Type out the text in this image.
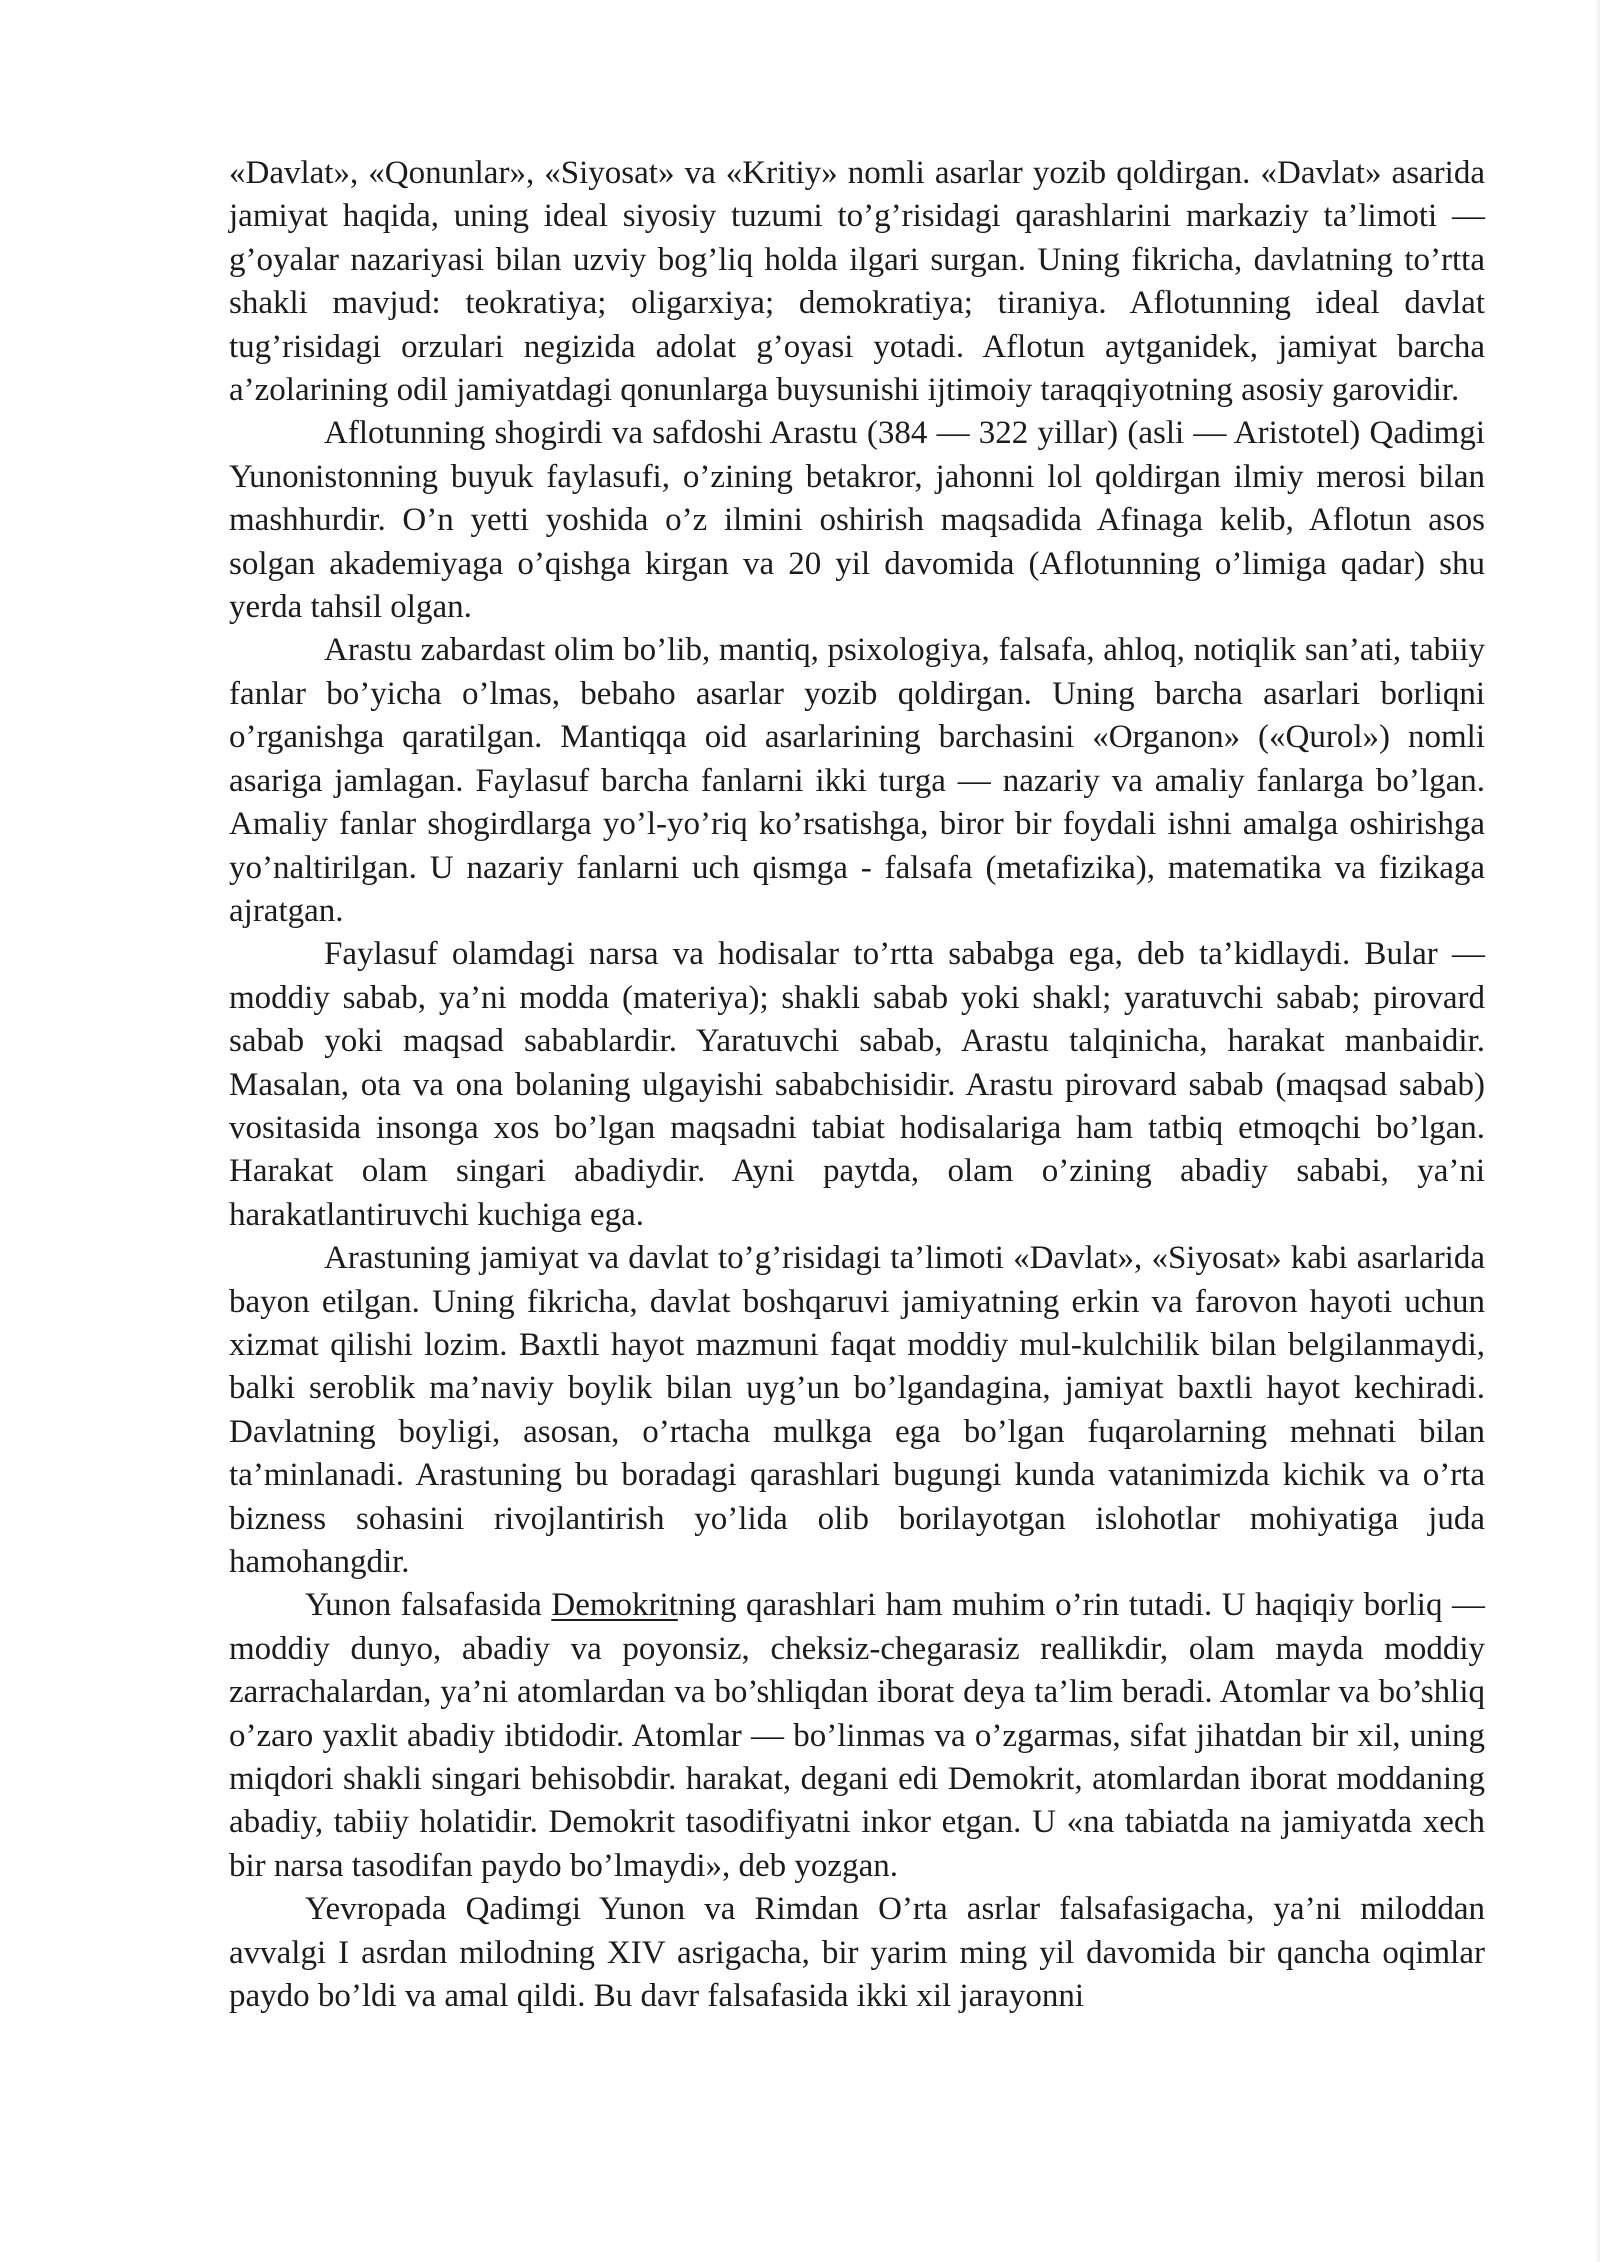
«Davlat», «Qonunlar», «Siyosat» va «Kritiy» nomli asarlar yozib qoldirgan. «Davlat» asarida jamiyat haqida, uning ideal siyosiy tuzumi to’g’risidagi qarashlarini markaziy ta’limoti — g’oyalar nazariyasi bilan uzviy bog’liq holda ilgari surgan. Uning fikricha, davlatning to’rtta shakli mavjud: teokratiya; oligarxiya; demokratiya; tiraniya. Aflotunning ideal davlat tug’risidagi orzulari negizida adolat g’oyasi yotadi. Aflotun aytganidek, jamiyat barcha a’zolarining odil jamiyatdagi qonunlarga buysunishi ijtimoiy taraqqiyotning asosiy garovidir.

Aflotunning shogirdi va safdoshi Arastu (384 — 322 yillar) (asli — Aristotel) Qadimgi Yunonistonning buyuk faylasufi, o’zining betakror, jahonni lol qoldirgan ilmiy merosi bilan mashhurdir. O’n yetti yoshida o’z ilmini oshirish maqsadida Afinaga kelib, Aflotun asos solgan akademiyaga o’qishga kirgan va 20 yil davomida (Aflotunning o’limiga qadar) shu yerda tahsil olgan.

Arastu zabardast olim bo’lib, mantiq, psixologiya, falsafa, ahloq, notiqlik san’ati, tabiiy fanlar bo’yicha o’lmas, bebaho asarlar yozib qoldirgan. Uning barcha asarlari borliqni o’rganishga qaratilgan. Mantiqqa oid asarlarining barchasini «Organon» («Qurol») nomli asariga jamlagan. Faylasuf barcha fanlarni ikki turga — nazariy va amaliy fanlarga bo’lgan. Amaliy fanlar shogirdlarga yo’l-yo’riq ko’rsatishga, biror bir foydali ishni amalga oshirishga yo’naltirilgan. U nazariy fanlarni uch qismga - falsafa (metafizika), matematika va fizikaga ajratgan.

Faylasuf olamdagi narsa va hodisalar to’rtta sababga ega, deb ta’kidlaydi. Bular — moddiy sabab, ya’ni modda (materiya); shakli sabab yoki shakl; yaratuvchi sabab; pirovard sabab yoki maqsad sabablardir. Yaratuvchi sabab, Arastu talqinicha, harakat manbaidir. Masalan, ota va ona bolaning ulgayishi sababchisidir. Arastu pirovard sabab (maqsad sabab) vositasida insonga xos bo’lgan maqsadni tabiat hodisalariga ham tatbiq etmoqchi bo’lgan. Harakat olam singari abadiydir. Ayni paytda, olam o’zining abadiy sababi, ya’ni harakatlantiruvchi kuchiga ega.

Arastuning jamiyat va davlat to’g’risidagi ta’limoti «Davlat», «Siyosat» kabi asarlarida bayon etilgan. Uning fikricha, davlat boshqaruvi jamiyatning erkin va farovon hayoti uchun xizmat qilishi lozim. Baxtli hayot mazmuni faqat moddiy mul-kulchilik bilan belgilanmaydi, balki seroblik ma’naviy boylik bilan uyg’un bo’lgandagina, jamiyat baxtli hayot kechiradi. Davlatning boyligi, asosan, o’rtacha mulkga ega bo’lgan fuqarolarning mehnati bilan ta’minlanadi. Arastuning bu boradagi qarashlari bugungi kunda vatanimizda kichik va o’rta bizness sohasini rivojlantirish yo’lida olib borilayotgan islohotlar mohiyatiga juda hamohangdir.

Yunon falsafasida Demokritning qarashlari ham muhim o’rin tutadi. U haqiqiy borliq — moddiy dunyo, abadiy va poyonsiz, cheksiz-chegarasiz reallikdir, olam mayda moddiy zarrachalardan, ya’ni atomlardan va bo’shliqdan iborat deya ta’lim beradi. Atomlar va bo’shliq o’zaro yaxlit abadiy ibtidodir. Atomlar — bo’linmas va o’zgarmas, sifat jihatdan bir xil, uning miqdori shakli singari behisobdir. harakat, degani edi Demokrit, atomlardan iborat moddaning abadiy, tabiiy holatidir. Demokrit tasodifiyatni inkor etgan. U «na tabiatda na jamiyatda xech bir narsa tasodifan paydo bo’lmaydi», deb yozgan.

Yevropada Qadimgi Yunon va Rimdan O’rta asrlar falsafasigacha, ya’ni miloddan avvalgi I asrdan milodning XIV asrigacha, bir yarim ming yil davomida bir qancha oqimlar paydo bo’ldi va amal qildi. Bu davr falsafasida ikki xil jarayonni
